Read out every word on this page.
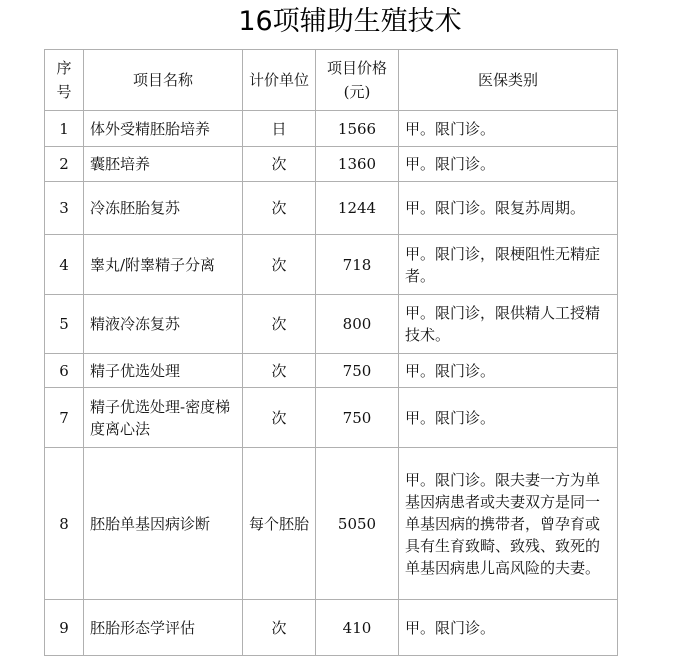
16项辅助生殖技术
序号	项目名称	计价单位	项目价格(元)	医保类别
1	体外受精胚胎培养	日	1566	甲。限门诊。
2	囊胚培养	次	1360	甲。限门诊。
3	冷冻胚胎复苏	次	1244	甲。限门诊。限复苏周期。
4	睾丸/附睾精子分离	次	718	甲。限门诊，限梗阻性无精症者。
5	精液冷冻复苏	次	800	甲。限门诊，限供精人工授精技术。
6	精子优选处理	次	750	甲。限门诊。
7	精子优选处理-密度梯度离心法	次	750	甲。限门诊。
8	胚胎单基因病诊断	每个胚胎	5050	甲。限门诊。限夫妻一方为单基因病患者或夫妻双方是同一单基因病的携带者，曾孕育或具有生育致畸、致残、致死的单基因病患儿高风险的夫妻。
9	胚胎形态学评估	次	410	甲。限门诊。
